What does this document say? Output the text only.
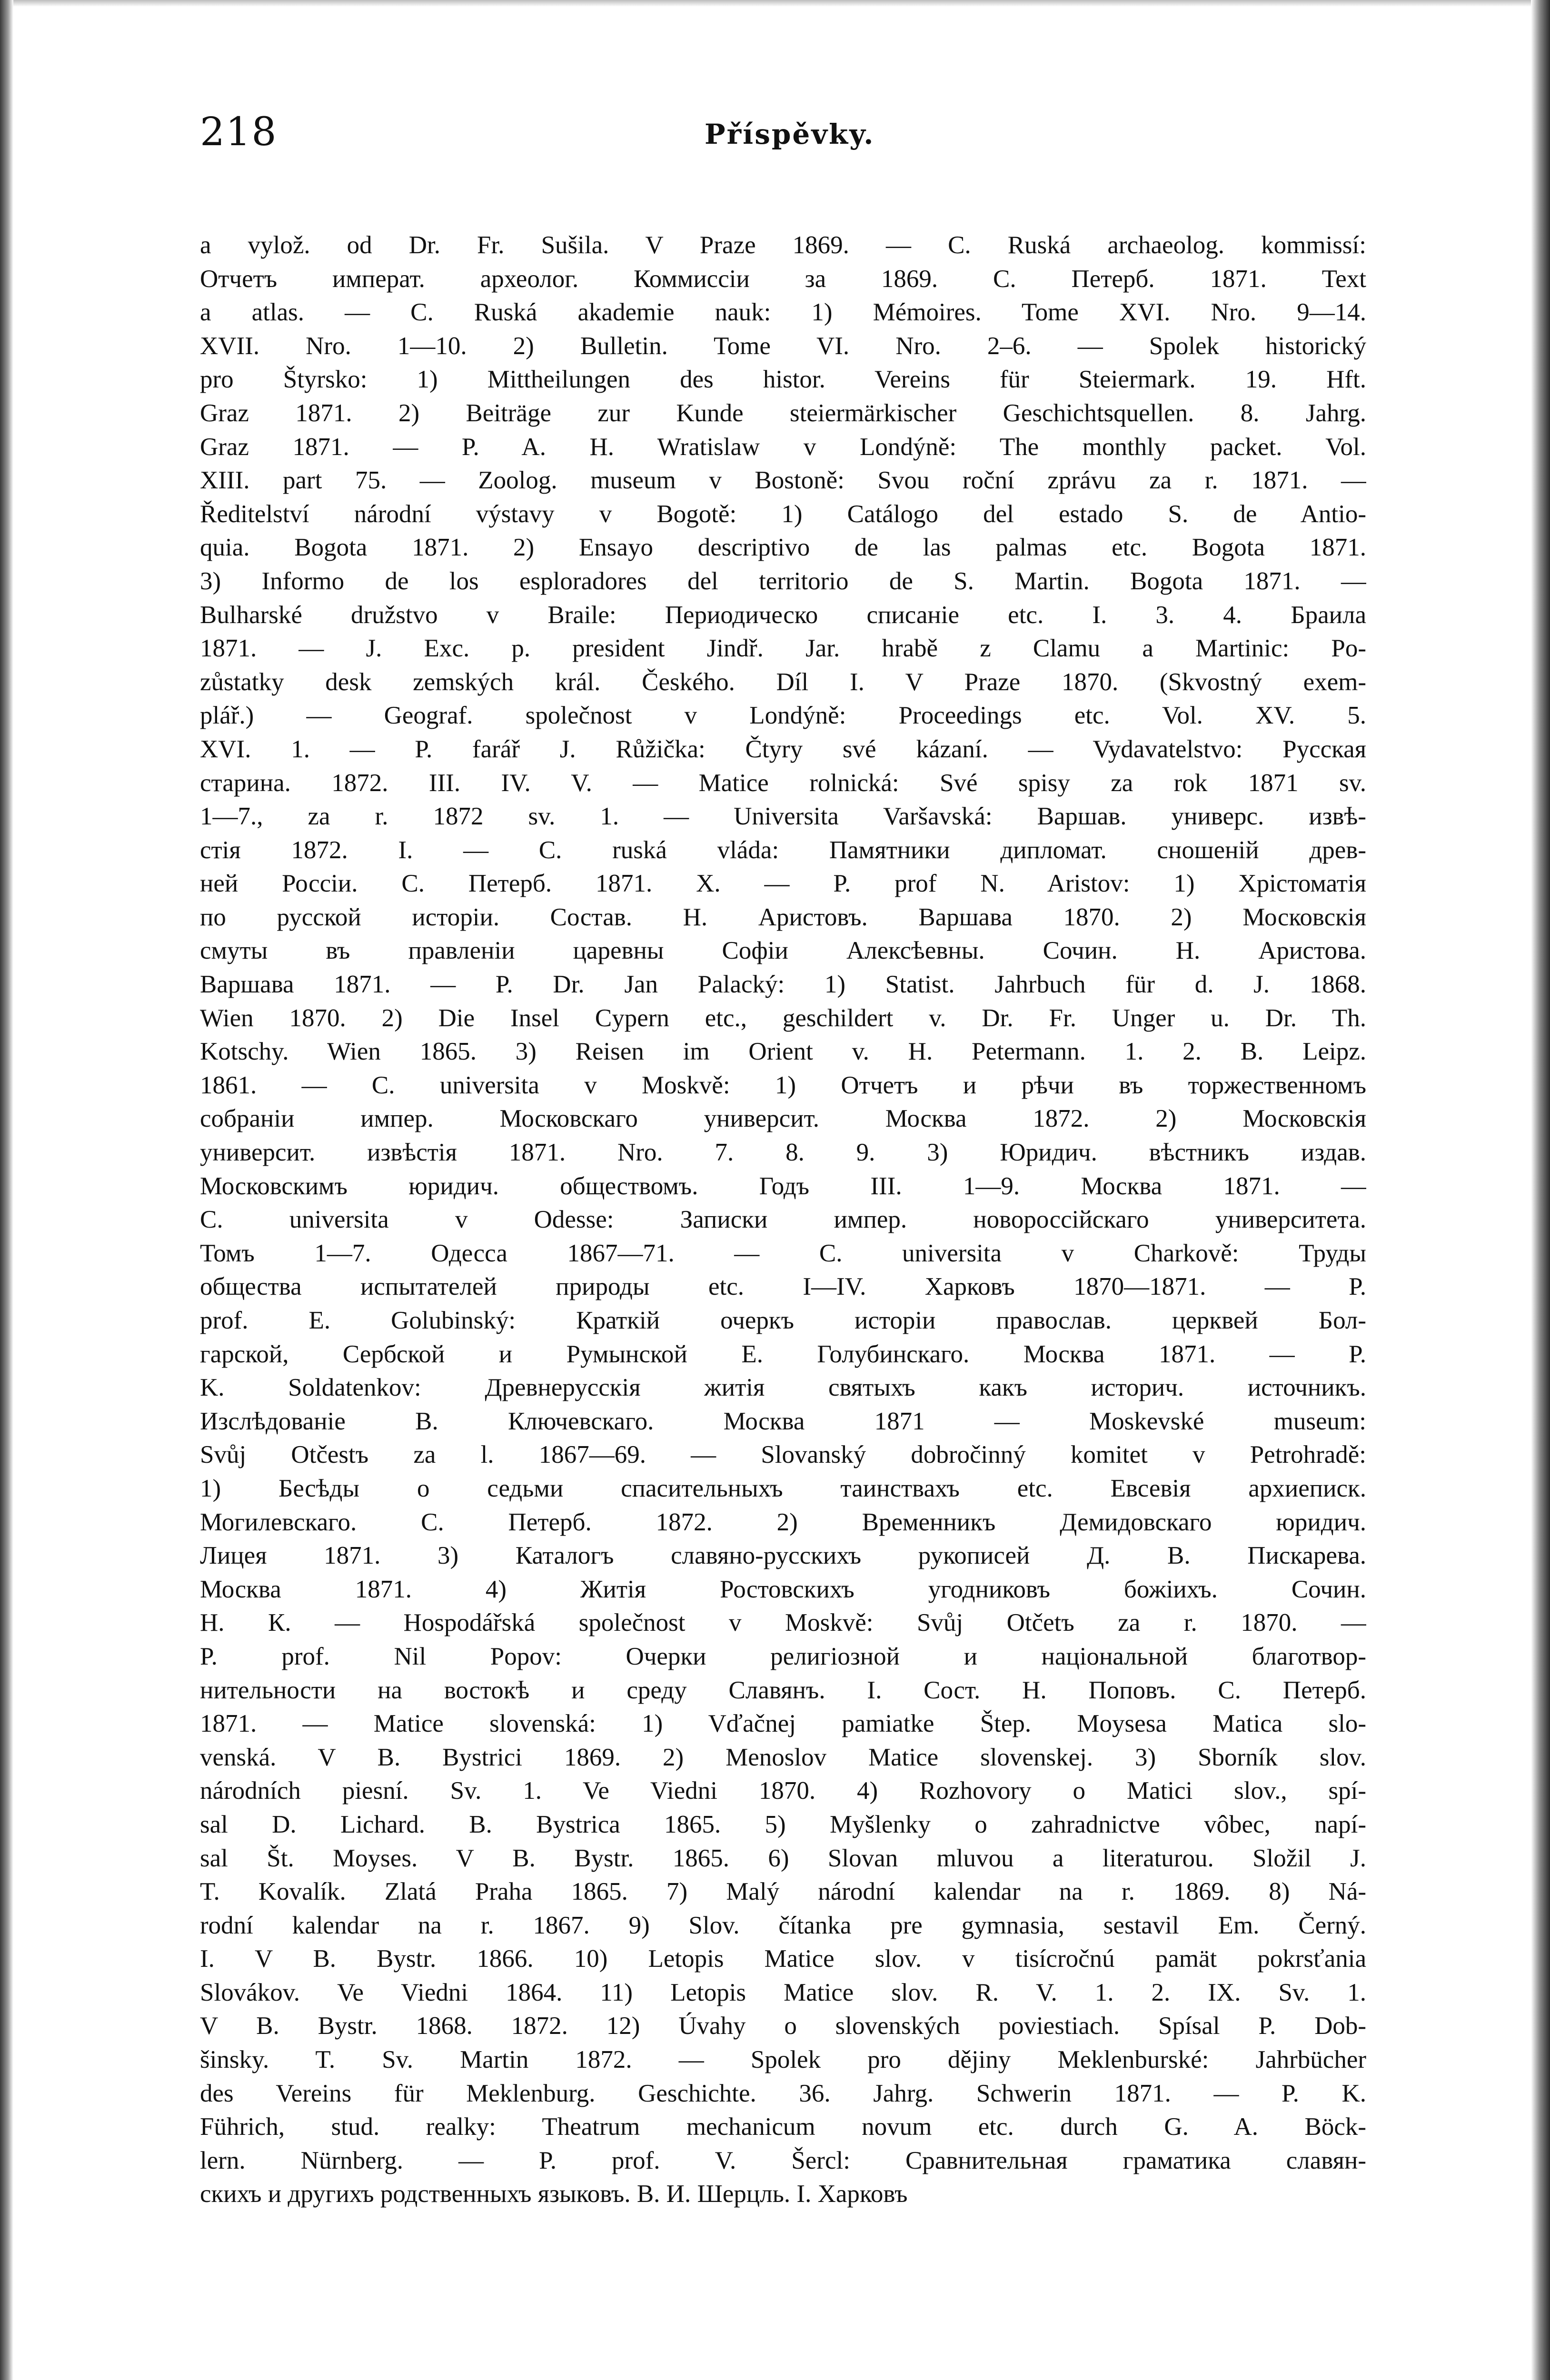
218	Příspěvky.
a vylož. od Dr. Fr. Sušila. V Praze 1869. — C. Ruská archaeolog. kommissí:
Отчетъ императ. археолог. Коммиссіи за 1869. С. Петерб. 1871. Text
a atlas. — C. Ruská akademie nauk: 1) Mémoires. Tome XVI. Nro. 9—14.
XVII. Nro. 1—10. 2) Bulletin. Tome VI. Nro. 2–6. — Spolek historický
pro Štyrsko: 1) Mittheilungen des histor. Vereins für Steiermark. 19. Hft.
Graz 1871. 2) Beiträge zur Kunde steiermärkischer Geschichtsquellen. 8. Jahrg.
Graz 1871. — P. A. H. Wratislaw v Londýně: The monthly packet. Vol.
XIII. part 75. — Zoolog. museum v Bostoně: Svou roční zprávu za r. 1871. —
Ředitelství národní výstavy v Bogotě: 1) Catálogo del estado S. de Antio-
quia. Bogota 1871. 2) Ensayo descriptivo de las palmas etc. Bogota 1871.
3) Informo de los esploradores del territorio de S. Martin. Bogota 1871. —
Bulharské družstvo v Braile: Периодическо списаніе etc. I. 3. 4. Браила
1871. — J. Exc. p. president Jindř. Jar. hrabě z Clamu a Martinic: Po-
zůstatky desk zemských král. Českého. Díl I. V Praze 1870. (Skvostný exem-
plář.) — Geograf. společnost v Londýně: Proceedings etc. Vol. XV. 5.
XVI. 1. — P. farář J. Růžička: Čtyry své kázaní. — Vydavatelstvo: Русская
старина. 1872. III. IV. V. — Matice rolnická: Své spisy za rok 1871 sv.
1—7., za r. 1872 sv. 1. — Universita Varšavská: Варшав. универс. извѣ-
стія 1872. I. — C. ruská vláda: Памятники дипломат. сношеній древ-
ней Россіи. С. Петерб. 1871. X. — P. prof N. Aristov: 1) Хрістоматія
по русской исторіи. Состав. Н. Аристовъ. Варшава 1870. 2) Московскія
смуты въ правленіи царевны Софіи Алексѣевны. Сочин. Н. Аристова.
Варшава 1871. — P. Dr. Jan Palacký: 1) Statist. Jahrbuch für d. J. 1868.
Wien 1870. 2) Die Insel Cypern etc., geschildert v. Dr. Fr. Unger u. Dr. Th.
Kotschy. Wien 1865. 3) Reisen im Orient v. H. Petermann. 1. 2. B. Leipz.
1861. — C. universita v Moskvě: 1) Отчетъ и рѣчи въ торжественномъ
собраніи импер. Московскаго университ. Москва 1872. 2) Московскія
университ. извѣстія 1871. Nro. 7. 8. 9. 3) Юридич. вѣстникъ издав.
Московскимъ юридич. обществомъ. Годъ III. 1—9. Москва 1871. —
C. universita v Odesse: Записки импер. новороссійскаго университета.
Томъ 1—7. Одесса 1867—71. — C. universita v Charkově: Труды
общества испытателей природы etc. I—IV. Харковъ 1870—1871. — P.
prof. E. Golubinský: Краткій очеркъ исторіи православ. церквей Бол-
гарской, Сербской и Румынской Е. Голубинскаго. Москва 1871. — P.
K. Soldatenkov: Древнерусскія житія святыхъ какъ историч. источникъ.
Изслѣдованіе В. Ключевскаго. Москва 1871 — Moskevské museum:
Svůj Otčestъ za l. 1867—69. — Slovanský dobročinný komitet v Petrohradě:
1) Бесѣды о седьми спасительныхъ таинствахъ etc. Евсевія архиеписк.
Могилевскаго. С. Петерб. 1872. 2) Временникъ Демидовскаго юридич.
Лицея 1871. 3) Каталогъ славяно-русскихъ рукописей Д. В. Пискарева.
Москва 1871. 4) Житія Ростовскихъ угодниковъ божіихъ. Сочин.
Н. К. — Hospodářská společnost v Moskvě: Svůj Otčetъ za r. 1870. —
P. prof. Nil Popov: Очерки религіозной и національной благотвор-
нительности на востокѣ и среду Славянъ. I. Сост. Н. Поповъ. С. Петерб.
1871. — Matice slovenská: 1) Vďačnej pamiatke Štep. Moysesa Matica slo-
venská. V B. Bystrici 1869. 2) Menoslov Matice slovenskej. 3) Sborník slov.
národních piesní. Sv. 1. Ve Viedni 1870. 4) Rozhovory o Matici slov., spí-
sal D. Lichard. B. Bystrica 1865. 5) Myšlenky o zahradnictve vôbec, napí-
sal Št. Moyses. V B. Bystr. 1865. 6) Slovan mluvou a literaturou. Složil J.
T. Kovalík. Zlatá Praha 1865. 7) Malý národní kalendar na r. 1869. 8) Ná-
rodní kalendar na r. 1867. 9) Slov. čítanka pre gymnasia, sestavil Em. Černý.
I. V B. Bystr. 1866. 10) Letopis Matice slov. v tisícročnú pamät pokrsťania
Slovákov. Ve Viedni 1864. 11) Letopis Matice slov. R. V. 1. 2. IX. Sv. 1.
V B. Bystr. 1868. 1872. 12) Úvahy o slovenských poviestiach. Spísal P. Dob-
šinsky. T. Sv. Martin 1872. — Spolek pro dějiny Meklenburské: Jahrbücher
des Vereins für Meklenburg. Geschichte. 36. Jahrg. Schwerin 1871. — P. K.
Führich, stud. realky: Theatrum mechanicum novum etc. durch G. A. Böck-
lern. Nürnberg. — P. prof. V. Šercl: Сравнительная граматика славян-
скихъ и другихъ родственныхъ языковъ. В. И. Шерцль. I. Харковъ
